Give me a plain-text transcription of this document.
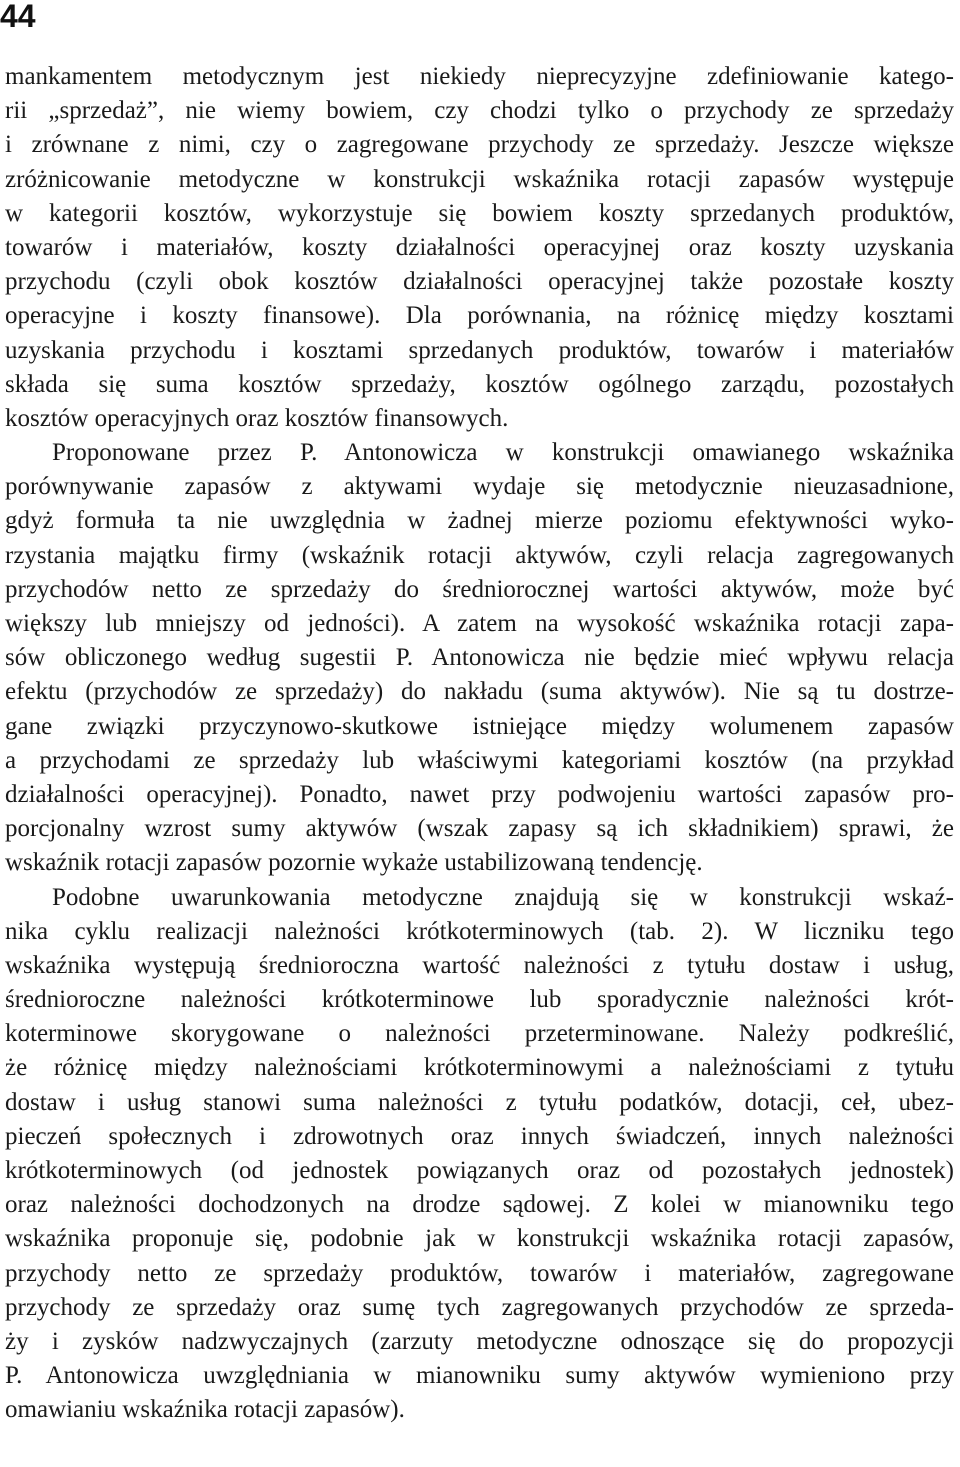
44
mankamentem metodycznym jest niekiedy nieprecyzyjne zdefiniowanie katego-
rii „sprzedaż”, nie wiemy bowiem, czy chodzi tylko o przychody ze sprzedaży
i zrównane z nimi, czy o zagregowane przychody ze sprzedaży. Jeszcze większe
zróżnicowanie metodyczne w konstrukcji wskaźnika rotacji zapasów występuje
w kategorii kosztów, wykorzystuje się bowiem koszty sprzedanych produktów,
towarów i materiałów, koszty działalności operacyjnej oraz koszty uzyskania
przychodu (czyli obok kosztów działalności operacyjnej także pozostałe koszty
operacyjne i koszty finansowe). Dla porównania, na różnicę między kosztami
uzyskania przychodu i kosztami sprzedanych produktów, towarów i materiałów
składa się suma kosztów sprzedaży, kosztów ogólnego zarządu, pozostałych
kosztów operacyjnych oraz kosztów finansowych.
Proponowane przez P. Antonowicza w konstrukcji omawianego wskaźnika
porównywanie zapasów z aktywami wydaje się metodycznie nieuzasadnione,
gdyż formuła ta nie uwzględnia w żadnej mierze poziomu efektywności wyko-
rzystania majątku firmy (wskaźnik rotacji aktywów, czyli relacja zagregowanych
przychodów netto ze sprzedaży do średniorocznej wartości aktywów, może być
większy lub mniejszy od jedności). A zatem na wysokość wskaźnika rotacji zapa-
sów obliczonego według sugestii P. Antonowicza nie będzie mieć wpływu relacja
efektu (przychodów ze sprzedaży) do nakładu (suma aktywów). Nie są tu dostrze-
gane związki przyczynowo-skutkowe istniejące między wolumenem zapasów
a przychodami ze sprzedaży lub właściwymi kategoriami kosztów (na przykład
działalności operacyjnej). Ponadto, nawet przy podwojeniu wartości zapasów pro-
porcjonalny wzrost sumy aktywów (wszak zapasy są ich składnikiem) sprawi, że
wskaźnik rotacji zapasów pozornie wykaże ustabilizowaną tendencję.
Podobne uwarunkowania metodyczne znajdują się w konstrukcji wskaź-
nika cyklu realizacji należności krótkoterminowych (tab. 2). W liczniku tego
wskaźnika występują średnioroczna wartość należności z tytułu dostaw i usług,
średnioroczne należności krótkoterminowe lub sporadycznie należności krót-
koterminowe skorygowane o należności przeterminowane. Należy podkreślić,
że różnicę między należnościami krótkoterminowymi a należnościami z tytułu
dostaw i usług stanowi suma należności z tytułu podatków, dotacji, ceł, ubez-
pieczeń społecznych i zdrowotnych oraz innych świadczeń, innych należności
krótkoterminowych (od jednostek powiązanych oraz od pozostałych jednostek)
oraz należności dochodzonych na drodze sądowej. Z kolei w mianowniku tego
wskaźnika proponuje się, podobnie jak w konstrukcji wskaźnika rotacji zapasów,
przychody netto ze sprzedaży produktów, towarów i materiałów, zagregowane
przychody ze sprzedaży oraz sumę tych zagregowanych przychodów ze sprzeda-
ży i zysków nadzwyczajnych (zarzuty metodyczne odnoszące się do propozycji
P. Antonowicza uwzględniania w mianowniku sumy aktywów wymieniono przy
omawianiu wskaźnika rotacji zapasów).
